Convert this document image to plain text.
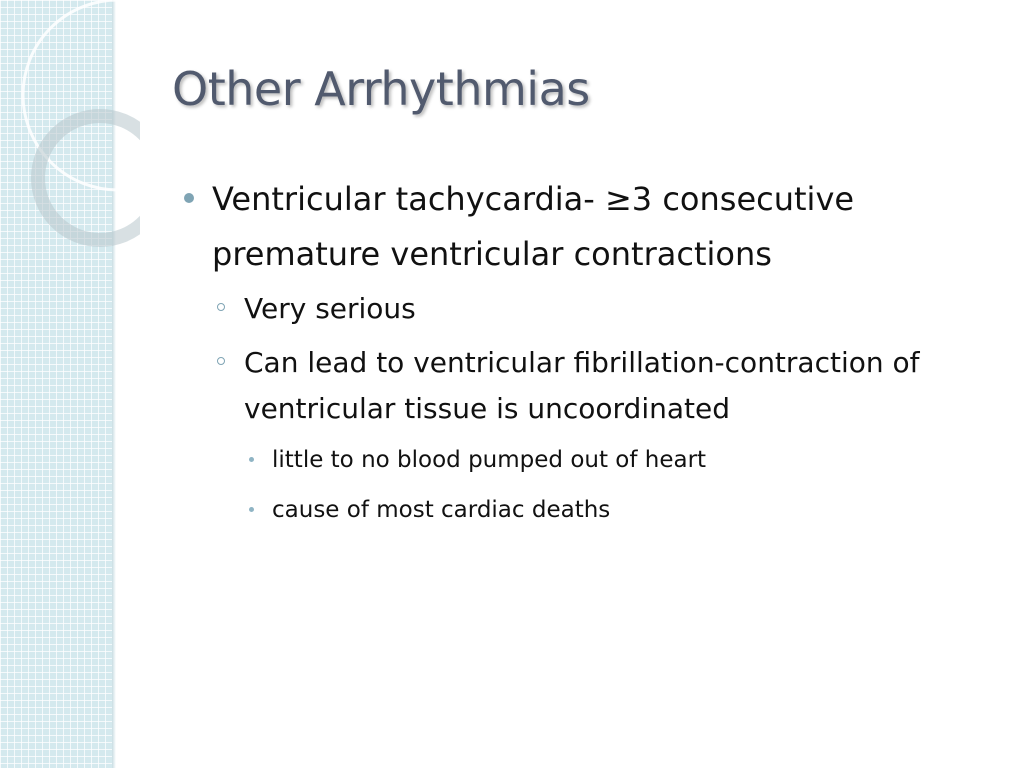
Other Arrhythmias
Ventricular tachycardia- ≥3 consecutive premature ventricular contractions
Very serious
Can lead to ventricular fibrillation-contraction of ventricular tissue is uncoordinated
little to no blood pumped out of heart
cause of most cardiac deaths
